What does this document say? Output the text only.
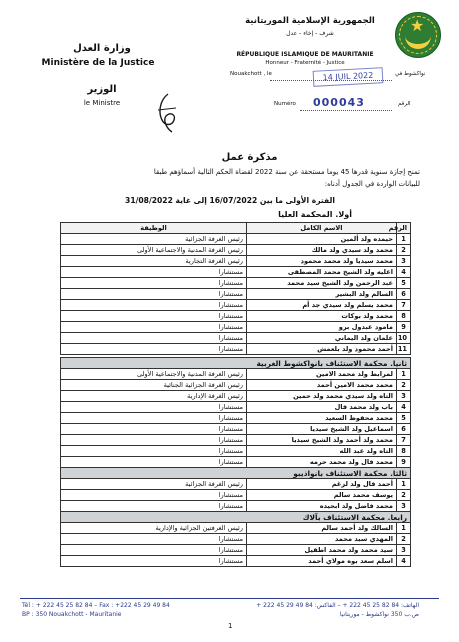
الجمهورية الإسلامية الموريتانية
شرف - إخاء - عدل	★
RÉPUBLIQUE ISLAMIQUE DE MAURITANIE
Honneur - Fraternité - Justice
وزارة العدل
Ministère de la Justice
الوزير
le Ministre
Nouakchott , le	14 JUIL 2022	نواكشوط في
Numéro 000043	الرقم
مذكرة عمل
تمنح إجازة سنوية قدرها 45 يوما مستحقة عن سنة 2022 لقضاة الحكم التالية أسماؤهم طبقا
للبيانات الواردة في الجدول أدناه:
الفترة الأولى ما بين 16/07/2022 إلى غاية 31/08/2022
أولا. المحكمة العليا
الرقم	الاسم الكامل	الوظيفة
1	حيمده ولد ألمين	رئيس الغرفة الجزائية
2	محمد ولد سيدي ولد مالك	رئيس الغرفة المدنية والاجتماعية الأولى
3	محمد سيديا ولد محمد محمود	رئيس الغرفة التجارية
4	اعليه ولد الشيخ محمد المصطفى	مستشارا
5	عبد الرحمن ولد الشيخ سيد محمد	مستشارا
6	السالم ولد البشير	مستشارا
7	محمد يسلم ولد سيدي جد أم	مستشارا
8	محمد ولد بوكات	مستشارا
9	مامود عبدول برو	مستشارا
10	علمان ولد اليماني	مستشارا
11	أحمد محمود ولد بلعمش	مستشارا
ثانيا. محكمة الاستئناف بانواكشوط الغربية		
1	لمرابط ولد محمد الامين	رئيس الغرفة المدنية والاجتماعية الأولى
2	محمد محمد الامين أحمد	رئيس الغرفة الجزائية الجنائية
3	التاه ولد سيدي محمد ولد حمين	رئيس الغرفة الإدارية
4	باب ولد محمد فال	مستشارا
5	محمد محفوظ السعيد	مستشارا
6	اسماعيل ولد الشيخ سيديا	مستشارا
7	محمد ولد أحمد ولد الشيخ سيديا	مستشارا
8	التاه ولد عبد الله	مستشارا
9	محمد فال ولد محمد حرمه	مستشارا
ثالثا. محكمة الاستئناف بانواذيبو		
1	أحمد فال ولد لزغم	رئيس الغرفة الجزائية
2	يوسف محمد سالم	مستشارا
3	محمد فاضل ولد ابحيده	مستشارا
رابعا. محكمة الاستئناف بآلاك		
1	السالك ولد أحمد سالم	رئيس الغرفتين الجزائية والإدارية
2	المهدي سيد محمد	مستشارا
3	سيد محمد ولد محمد اطفيل	مستشارا
4	اسلم سعد بوه مولاي أحمد	مستشارا
Tél : + 222 45 25 82 84 – Fax : +222 45 29 49 84
BP : 350 Nouakchott - Mauritanie
الهاتف: 84 82 25 45 222 + – الفاكس: 84 49 29 45 222 +
ص.ب 350 نواكشوط - موريتانيا
1
